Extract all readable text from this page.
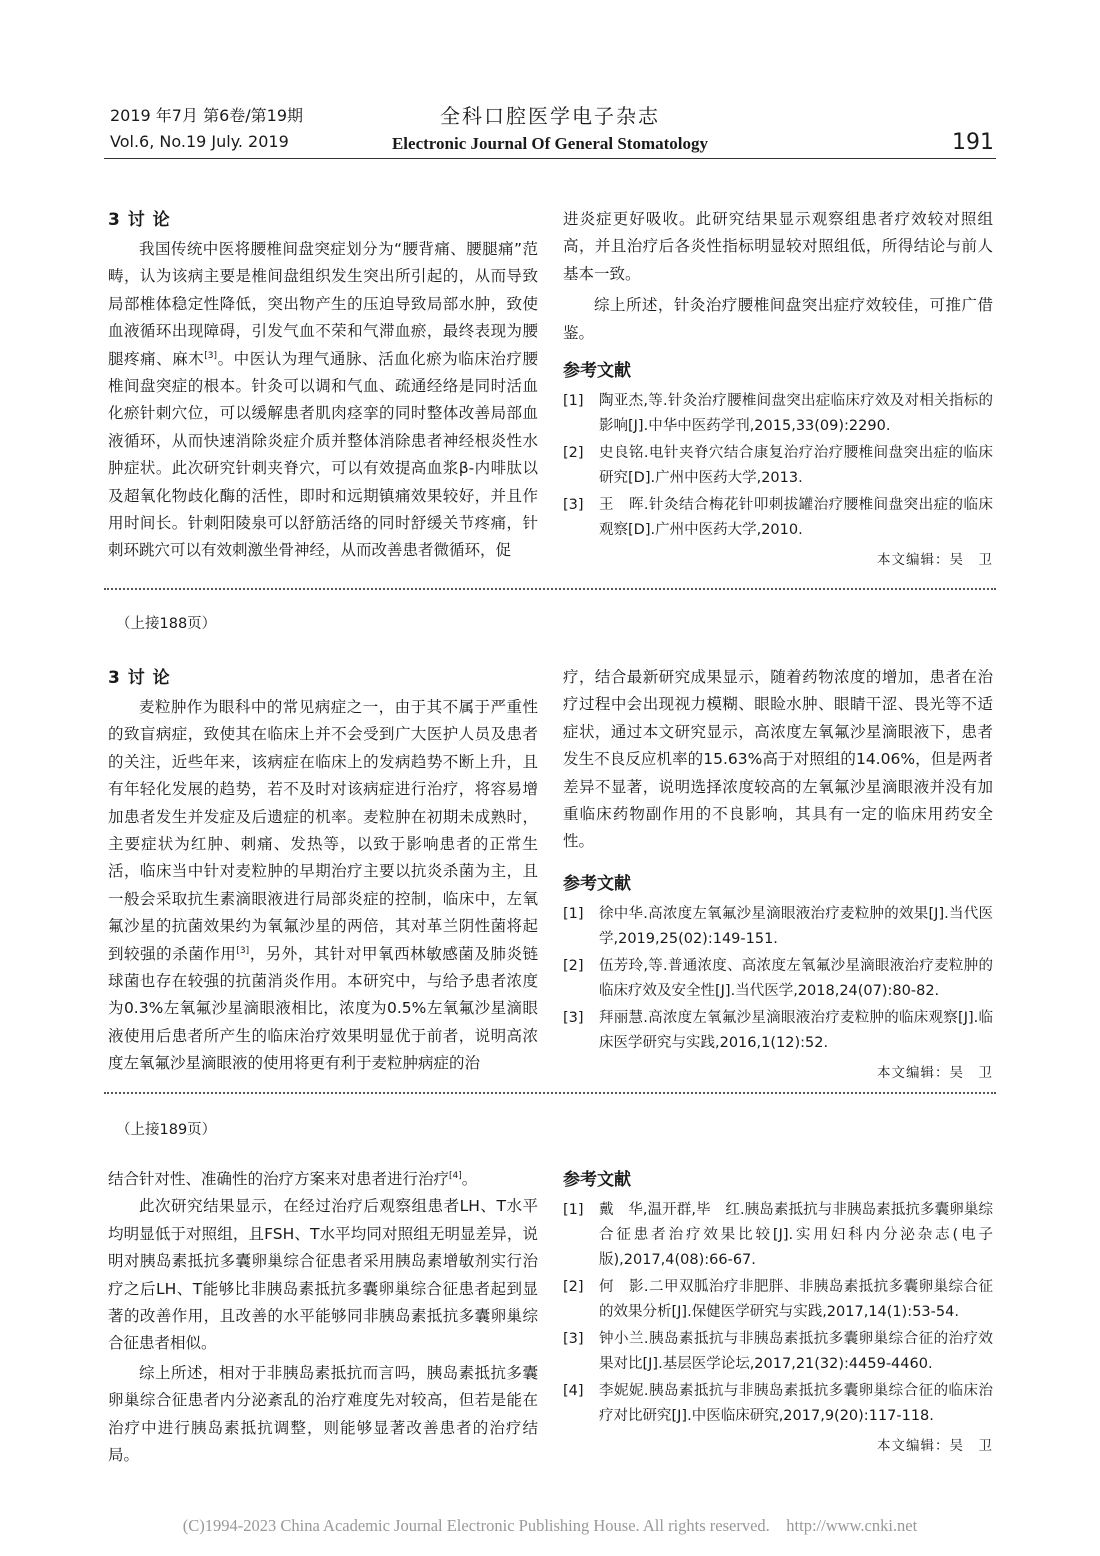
2019 年7月 第6卷/第19期
Vol.6, No.19 July. 2019
全科口腔医学电子杂志
Electronic Journal Of General Stomatology	191
3 讨 论

我国传统中医将腰椎间盘突症划分为“腰背痛、腰腿痛”范畴，认为该病主要是椎间盘组织发生突出所引起的，从而导致局部椎体稳定性降低，突出物产生的压迫导致局部水肿，致使血液循环出现障碍，引发气血不荣和气滞血瘀，最终表现为腰腿疼痛、麻木[3]。中医认为理气通脉、活血化瘀为临床治疗腰椎间盘突症的根本。针灸可以调和气血、疏通经络是同时活血化瘀针刺穴位，可以缓解患者肌肉痉挛的同时整体改善局部血液循环，从而快速消除炎症介质并整体消除患者神经根炎性水肿症状。此次研究针刺夹脊穴，可以有效提高血浆β-内啡肽以及超氧化物歧化酶的活性，即时和远期镇痛效果较好，并且作用时间长。针刺阳陵泉可以舒筋活络的同时舒缓关节疼痛，针刺环跳穴可以有效刺激坐骨神经，从而改善患者微循环，促

进炎症更好吸收。此研究结果显示观察组患者疗效较对照组高，并且治疗后各炎性指标明显较对照组低，所得结论与前人基本一致。

综上所述，针灸治疗腰椎间盘突出症疗效较佳，可推广借鉴。

参考文献
[1]	陶亚杰,等.针灸治疗腰椎间盘突出症临床疗效及对相关指标的影响[J].中华中医药学刊,2015,33(09):2290.
[2]	史良铭.电针夹脊穴结合康复治疗治疗腰椎间盘突出症的临床研究[D].广州中医药大学,2013.
[3]	王　晖.针灸结合梅花针叩刺拔罐治疗腰椎间盘突出症的临床观察[D].广州中医药大学,2010.
本文编辑：吴　卫
（上接188页）
3 讨 论

麦粒肿作为眼科中的常见病症之一，由于其不属于严重性的致盲病症，致使其在临床上并不会受到广大医护人员及患者的关注，近些年来，该病症在临床上的发病趋势不断上升，且有年轻化发展的趋势，若不及时对该病症进行治疗，将容易增加患者发生并发症及后遗症的机率。麦粒肿在初期未成熟时，主要症状为红肿、刺痛、发热等，以致于影响患者的正常生活，临床当中针对麦粒肿的早期治疗主要以抗炎杀菌为主，且一般会采取抗生素滴眼液进行局部炎症的控制，临床中，左氧氟沙星的抗菌效果约为氧氟沙星的两倍，其对革兰阴性菌将起到较强的杀菌作用[3]，另外，其针对甲氧西林敏感菌及肺炎链球菌也存在较强的抗菌消炎作用。本研究中，与给予患者浓度为0.3%左氧氟沙星滴眼液相比，浓度为0.5%左氧氟沙星滴眼液使用后患者所产生的临床治疗效果明显优于前者，说明高浓度左氧氟沙星滴眼液的使用将更有利于麦粒肿病症的治

疗，结合最新研究成果显示，随着药物浓度的增加，患者在治疗过程中会出现视力模糊、眼睑水肿、眼睛干涩、畏光等不适症状，通过本文研究显示，高浓度左氧氟沙星滴眼液下，患者发生不良反应机率的15.63%高于对照组的14.06%，但是两者差异不显著，说明选择浓度较高的左氧氟沙星滴眼液并没有加重临床药物副作用的不良影响，其具有一定的临床用药安全性。

参考文献
[1]	徐中华.高浓度左氧氟沙星滴眼液治疗麦粒肿的效果[J].当代医学,2019,25(02):149-151.
[2]	伍芳玲,等.普通浓度、高浓度左氧氟沙星滴眼液治疗麦粒肿的临床疗效及安全性[J].当代医学,2018,24(07):80-82.
[3]	拜丽慧.高浓度左氧氟沙星滴眼液治疗麦粒肿的临床观察[J].临床医学研究与实践,2016,1(12):52.
本文编辑：吴　卫
（上接189页）

结合针对性、准确性的治疗方案来对患者进行治疗[4]。

此次研究结果显示，在经过治疗后观察组患者LH、T水平均明显低于对照组，且FSH、T水平均同对照组无明显差异，说明对胰岛素抵抗多囊卵巢综合征患者采用胰岛素增敏剂实行治疗之后LH、T能够比非胰岛素抵抗多囊卵巢综合征患者起到显著的改善作用，且改善的水平能够同非胰岛素抵抗多囊卵巢综合征患者相似。

综上所述，相对于非胰岛素抵抗而言吗，胰岛素抵抗多囊卵巢综合征患者内分泌紊乱的治疗难度先对较高，但若是能在治疗中进行胰岛素抵抗调整，则能够显著改善患者的治疗结局。

参考文献
[1]	戴　华,温开群,毕　红.胰岛素抵抗与非胰岛素抵抗多囊卵巢综合征患者治疗效果比较[J].实用妇科内分泌杂志(电子版),2017,4(08):66-67.
[2]	何　影.二甲双胍治疗非肥胖、非胰岛素抵抗多囊卵巢综合征的效果分析[J].保健医学研究与实践,2017,14(1):53-54.
[3]	钟小兰.胰岛素抵抗与非胰岛素抵抗多囊卵巢综合征的治疗效果对比[J].基层医学论坛,2017,21(32):4459-4460.
[4]	李妮妮.胰岛素抵抗与非胰岛素抵抗多囊卵巢综合征的临床治疗对比研究[J].中医临床研究,2017,9(20):117-118.
本文编辑：吴　卫
(C)1994-2023 China Academic Journal Electronic Publishing House. All rights reserved.　http://www.cnki.net
